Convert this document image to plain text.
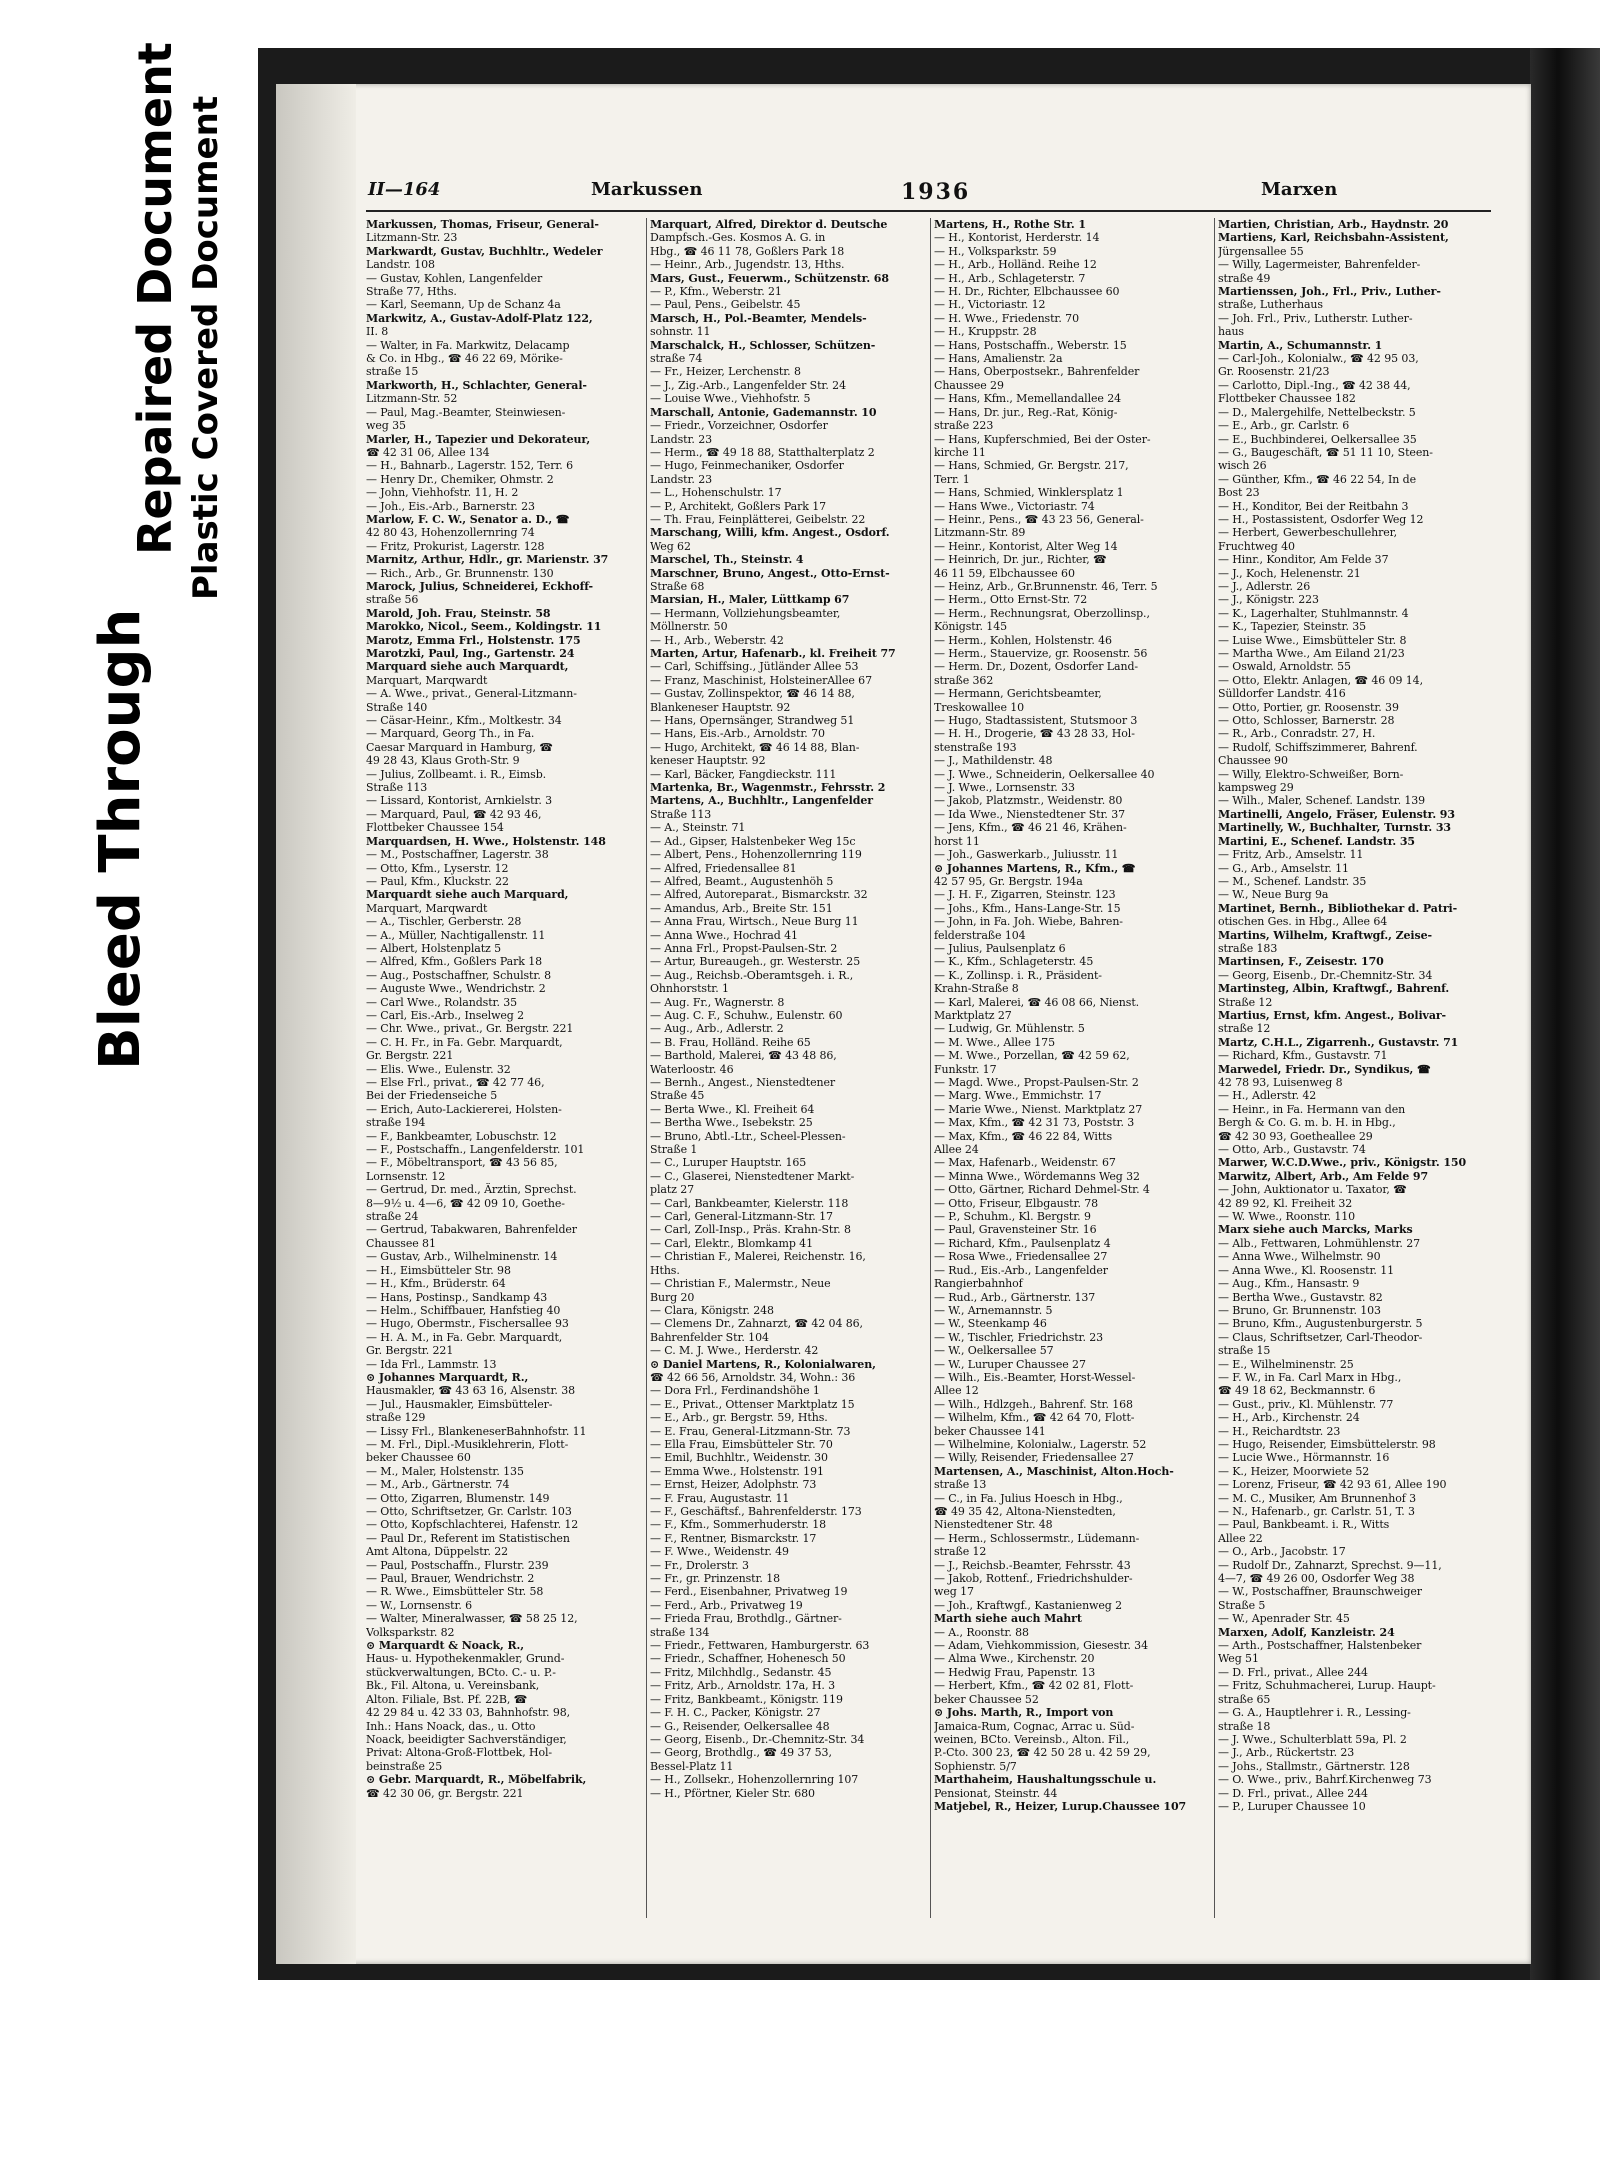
Bleed Through
Repaired Document Plastic Covered Document	II—164	Markussen	1936	Marxen

Markussen, Thomas, Friseur, General-

Litzmann-Str. 23

Markwardt, Gustav, Buchhltr., Wedeler

Landstr. 108

— Gustav, Kohlen, Langenfelder

Straße 77, Hths.

— Karl, Seemann, Up de Schanz 4a

Markwitz, A., Gustav-Adolf-Platz 122,

II. 8

— Walter, in Fa. Markwitz, Delacamp

& Co. in Hbg., ☎ 46 22 69, Mörike-

straße 15

Markworth, H., Schlachter, General-

Litzmann-Str. 52

— Paul, Mag.-Beamter, Steinwiesen-

weg 35

Marler, H., Tapezier und Dekorateur,

☎ 42 31 06, Allee 134

— H., Bahnarb., Lagerstr. 152, Terr. 6

— Henry Dr., Chemiker, Ohmstr. 2

— John, Viehhofstr. 11, H. 2

— Joh., Eis.-Arb., Barnerstr. 23

Marlow, F. C. W., Senator a. D., ☎

42 80 43, Hohenzollernring 74

— Fritz, Prokurist, Lagerstr. 128

Marnitz, Arthur, Hdlr., gr. Marienstr. 37

— Rich., Arb., Gr. Brunnenstr. 130

Marock, Julius, Schneiderei, Eckhoff-

straße 56

Marold, Joh. Frau, Steinstr. 58

Marokko, Nicol., Seem., Koldingstr. 11

Marotz, Emma Frl., Holstenstr. 175

Marotzki, Paul, Ing., Gartenstr. 24

Marquard siehe auch Marquardt,

Marquart, Marqwardt

— A. Wwe., privat., General-Litzmann-

Straße 140

— Cäsar-Heinr., Kfm., Moltkestr. 34

— Marquard, Georg Th., in Fa.

Caesar Marquard in Hamburg, ☎

49 28 43, Klaus Groth-Str. 9

— Julius, Zollbeamt. i. R., Eimsb.

Straße 113

— Lissard, Kontorist, Arnkielstr. 3

— Marquard, Paul, ☎ 42 93 46,

Flottbeker Chaussee 154

Marquardsen, H. Wwe., Holstenstr. 148

— M., Postschaffner, Lagerstr. 38

— Otto, Kfm., Lyserstr. 12

— Paul, Kfm., Kluckstr. 22

Marquardt siehe auch Marquard,

Marquart, Marqwardt

— A., Tischler, Gerberstr. 28

— A., Müller, Nachtigallenstr. 11

— Albert, Holstenplatz 5

— Alfred, Kfm., Goßlers Park 18

— Aug., Postschaffner, Schulstr. 8

— Auguste Wwe., Wendrichstr. 2

— Carl Wwe., Rolandstr. 35

— Carl, Eis.-Arb., Inselweg 2

— Chr. Wwe., privat., Gr. Bergstr. 221

— C. H. Fr., in Fa. Gebr. Marquardt,

Gr. Bergstr. 221

— Elis. Wwe., Eulenstr. 32

— Else Frl., privat., ☎ 42 77 46,

Bei der Friedenseiche 5

— Erich, Auto-Lackiererei, Holsten-

straße 194

— F., Bankbeamter, Lobuschstr. 12

— F., Postschaffn., Langenfelderstr. 101

— F., Möbeltransport, ☎ 43 56 85,

Lornsenstr. 12

— Gertrud, Dr. med., Ärztin, Sprechst.

8—9½ u. 4—6, ☎ 42 09 10, Goethe-

straße 24

— Gertrud, Tabakwaren, Bahrenfelder

Chaussee 81

— Gustav, Arb., Wilhelminenstr. 14

— H., Eimsbütteler Str. 98

— H., Kfm., Brüderstr. 64

— Hans, Postinsp., Sandkamp 43

— Helm., Schiffbauer, Hanfstieg 40

— Hugo, Obermstr., Fischersallee 93

— H. A. M., in Fa. Gebr. Marquardt,

Gr. Bergstr. 221

— Ida Frl., Lammstr. 13

⊙ Johannes Marquardt, R.,

Hausmakler, ☎ 43 63 16, Alsenstr. 38

— Jul., Hausmakler, Eimsbütteler-

straße 129

— Lissy Frl., BlankeneserBahnhofstr. 11

— M. Frl., Dipl.-Musiklehrerin, Flott-

beker Chaussee 60

— M., Maler, Holstenstr. 135

— M., Arb., Gärtnerstr. 74

— Otto, Zigarren, Blumenstr. 149

— Otto, Schriftsetzer, Gr. Carlstr. 103

— Otto, Kopfschlachterei, Hafenstr. 12

— Paul Dr., Referent im Statistischen

Amt Altona, Düppelstr. 22

— Paul, Postschaffn., Flurstr. 239

— Paul, Brauer, Wendrichstr. 2

— R. Wwe., Eimsbütteler Str. 58

— W., Lornsenstr. 6

— Walter, Mineralwasser, ☎ 58 25 12,

Volksparkstr. 82

⊙ Marquardt & Noack, R.,

Haus- u. Hypothekenmakler, Grund-

stückverwaltungen, BCto. C.- u. P.-

Bk., Fil. Altona, u. Vereinsbank,

Alton. Filiale, Bst. Pf. 22B, ☎

42 29 84 u. 42 33 03, Bahnhofstr. 98,

Inh.: Hans Noack, das., u. Otto

Noack, beeidigter Sachverständiger,

Privat: Altona-Groß-Flottbek, Hol-

beinstraße 25

⊙ Gebr. Marquardt, R., Möbelfabrik,

☎ 42 30 06, gr. Bergstr. 221

Marquart, Alfred, Direktor d. Deutsche

Dampfsch.-Ges. Kosmos A. G. in

Hbg., ☎ 46 11 78, Goßlers Park 18

— Heinr., Arb., Jugendstr. 13, Hths.

Mars, Gust., Feuerwm., Schützenstr. 68

— P., Kfm., Weberstr. 21

— Paul, Pens., Geibelstr. 45

Marsch, H., Pol.-Beamter, Mendels-

sohnstr. 11

Marschalck, H., Schlosser, Schützen-

straße 74

— Fr., Heizer, Lerchenstr. 8

— J., Zig.-Arb., Langenfelder Str. 24

— Louise Wwe., Viehhofstr. 5

Marschall, Antonie, Gademannstr. 10

— Friedr., Vorzeichner, Osdorfer

Landstr. 23

— Herm., ☎ 49 18 88, Statthalterplatz 2

— Hugo, Feinmechaniker, Osdorfer

Landstr. 23

— L., Hohenschulstr. 17

— P., Architekt, Goßlers Park 17

— Th. Frau, Feinplätterei, Geibelstr. 22

Marschang, Willi, kfm. Angest., Osdorf.

Weg 62

Marschel, Th., Steinstr. 4

Marschner, Bruno, Angest., Otto-Ernst-

Straße 68

Marsian, H., Maler, Lüttkamp 67

— Hermann, Vollziehungsbeamter,

Möllnerstr. 50

— H., Arb., Weberstr. 42

Marten, Artur, Hafenarb., kl. Freiheit 77

— Carl, Schiffsing., Jütländer Allee 53

— Franz, Maschinist, HolsteinerAllee 67

— Gustav, Zollinspektor, ☎ 46 14 88,

Blankeneser Hauptstr. 92

— Hans, Opernsänger, Strandweg 51

— Hans, Eis.-Arb., Arnoldstr. 70

— Hugo, Architekt, ☎ 46 14 88, Blan-

keneser Hauptstr. 92

— Karl, Bäcker, Fangdieckstr. 111

Martenka, Br., Wagenmstr., Fehrsstr. 2

Martens, A., Buchhltr., Langenfelder

Straße 113

— A., Steinstr. 71

— Ad., Gipser, Halstenbeker Weg 15c

— Albert, Pens., Hohenzollernring 119

— Alfred, Friedensallee 81

— Alfred, Beamt., Augustenhöh 5

— Alfred, Autoreparat., Bismarckstr. 32

— Amandus, Arb., Breite Str. 151

— Anna Frau, Wirtsch., Neue Burg 11

— Anna Wwe., Hochrad 41

— Anna Frl., Propst-Paulsen-Str. 2

— Artur, Bureaugeh., gr. Westerstr. 25

— Aug., Reichsb.-Oberamtsgeh. i. R.,

Ohnhorststr. 1

— Aug. Fr., Wagnerstr. 8

— Aug. C. F., Schuhw., Eulenstr. 60

— Aug., Arb., Adlerstr. 2

— B. Frau, Holländ. Reihe 65

— Barthold, Malerei, ☎ 43 48 86,

Waterloostr. 46

— Bernh., Angest., Nienstedtener

Straße 45

— Berta Wwe., Kl. Freiheit 64

— Bertha Wwe., Isebekstr. 25

— Bruno, Abtl.-Ltr., Scheel-Plessen-

Straße 1

— C., Luruper Hauptstr. 165

— C., Glaserei, Nienstedtener Markt-

platz 27

— Carl, Bankbeamter, Kielerstr. 118

— Carl, General-Litzmann-Str. 17

— Carl, Zoll-Insp., Präs. Krahn-Str. 8

— Carl, Elektr., Blomkamp 41

— Christian F., Malerei, Reichenstr. 16,

Hths.

— Christian F., Malermstr., Neue

Burg 20

— Clara, Königstr. 248

— Clemens Dr., Zahnarzt, ☎ 42 04 86,

Bahrenfelder Str. 104

— C. M. J. Wwe., Herderstr. 42

⊙ Daniel Martens, R., Kolonialwaren,

☎ 42 66 56, Arnoldstr. 34, Wohn.: 36

— Dora Frl., Ferdinandshöhe 1

— E., Privat., Ottenser Marktplatz 15

— E., Arb., gr. Bergstr. 59, Hths.

— E. Frau, General-Litzmann-Str. 73

— Ella Frau, Eimsbütteler Str. 70

— Emil, Buchhltr., Weidenstr. 30

— Emma Wwe., Holstenstr. 191

— Ernst, Heizer, Adolphstr. 73

— F. Frau, Augustastr. 11

— F., Geschäftsf., Bahrenfelderstr. 173

— F., Kfm., Sommerhuderstr. 18

— F., Rentner, Bismarckstr. 17

— F. Wwe., Weidenstr. 49

— Fr., Drolerstr. 3

— Fr., gr. Prinzenstr. 18

— Ferd., Eisenbahner, Privatweg 19

— Ferd., Arb., Privatweg 19

— Frieda Frau, Brothdlg., Gärtner-

straße 134

— Friedr., Fettwaren, Hamburgerstr. 63

— Friedr., Schaffner, Hohenesch 50

— Fritz, Milchhdlg., Sedanstr. 45

— Fritz, Arb., Arnoldstr. 17a, H. 3

— Fritz, Bankbeamt., Königstr. 119

— F. H. C., Packer, Königstr. 27

— G., Reisender, Oelkersallee 48

— Georg, Eisenb., Dr.-Chemnitz-Str. 34

— Georg, Brothdlg., ☎ 49 37 53,

Bessel-Platz 11

— H., Zollsekr., Hohenzollernring 107

— H., Pförtner, Kieler Str. 680

Martens, H., Rothe Str. 1

— H., Kontorist, Herderstr. 14

— H., Volksparkstr. 59

— H., Arb., Holländ. Reihe 12

— H., Arb., Schlageterstr. 7

— H. Dr., Richter, Elbchaussee 60

— H., Victoriastr. 12

— H. Wwe., Friedenstr. 70

— H., Kruppstr. 28

— Hans, Postschaffn., Weberstr. 15

— Hans, Amalienstr. 2a

— Hans, Oberpostsekr., Bahrenfelder

Chaussee 29

— Hans, Kfm., Memellandallee 24

— Hans, Dr. jur., Reg.-Rat, König-

straße 223

— Hans, Kupferschmied, Bei der Oster-

kirche 11

— Hans, Schmied, Gr. Bergstr. 217,

Terr. 1

— Hans, Schmied, Winklersplatz 1

— Hans Wwe., Victoriastr. 74

— Heinr., Pens., ☎ 43 23 56, General-

Litzmann-Str. 89

— Heinr., Kontorist, Alter Weg 14

— Heinrich, Dr. jur., Richter, ☎

46 11 59, Elbchaussee 60

— Heinz, Arb., Gr.Brunnenstr. 46, Terr. 5

— Herm., Otto Ernst-Str. 72

— Herm., Rechnungsrat, Oberzollinsp.,

Königstr. 145

— Herm., Kohlen, Holstenstr. 46

— Herm., Stauervize, gr. Roosenstr. 56

— Herm. Dr., Dozent, Osdorfer Land-

straße 362

— Hermann, Gerichtsbeamter,

Treskowallee 10

— Hugo, Stadtassistent, Stutsmoor 3

— H. H., Drogerie, ☎ 43 28 33, Hol-

stenstraße 193

— J., Mathildenstr. 48

— J. Wwe., Schneiderin, Oelkersallee 40

— J. Wwe., Lornsenstr. 33

— Jakob, Platzmstr., Weidenstr. 80

— Ida Wwe., Nienstedtener Str. 37

— Jens, Kfm., ☎ 46 21 46, Krähen-

horst 11

— Joh., Gaswerkarb., Juliusstr. 11

⊙ Johannes Martens, R., Kfm., ☎

42 57 95, Gr. Bergstr. 194a

— J. H. F., Zigarren, Steinstr. 123

— Johs., Kfm., Hans-Lange-Str. 15

— John, in Fa. Joh. Wiebe, Bahren-

felderstraße 104

— Julius, Paulsenplatz 6

— K., Kfm., Schlageterstr. 45

— K., Zollinsp. i. R., Präsident-

Krahn-Straße 8

— Karl, Malerei, ☎ 46 08 66, Nienst.

Marktplatz 27

— Ludwig, Gr. Mühlenstr. 5

— M. Wwe., Allee 175

— M. Wwe., Porzellan, ☎ 42 59 62,

Funkstr. 17

— Magd. Wwe., Propst-Paulsen-Str. 2

— Marg. Wwe., Emmichstr. 17

— Marie Wwe., Nienst. Marktplatz 27

— Max, Kfm., ☎ 42 31 73, Poststr. 3

— Max, Kfm., ☎ 46 22 84, Witts

Allee 24

— Max, Hafenarb., Weidenstr. 67

— Minna Wwe., Wördemanns Weg 32

— Otto, Gärtner, Richard Dehmel-Str. 4

— Otto, Friseur, Elbgaustr. 78

— P., Schuhm., Kl. Bergstr. 9

— Paul, Gravensteiner Str. 16

— Richard, Kfm., Paulsenplatz 4

— Rosa Wwe., Friedensallee 27

— Rud., Eis.-Arb., Langenfelder

Rangierbahnhof

— Rud., Arb., Gärtnerstr. 137

— W., Arnemannstr. 5

— W., Steenkamp 46

— W., Tischler, Friedrichstr. 23

— W., Oelkersallee 57

— W., Luruper Chaussee 27

— Wilh., Eis.-Beamter, Horst-Wessel-

Allee 12

— Wilh., Hdlzgeh., Bahrenf. Str. 168

— Wilhelm, Kfm., ☎ 42 64 70, Flott-

beker Chaussee 141

— Wilhelmine, Kolonialw., Lagerstr. 52

— Willy, Reisender, Friedensallee 27

Martensen, A., Maschinist, Alton.Hoch-

straße 13

— C., in Fa. Julius Hoesch in Hbg.,

☎ 49 35 42, Altona-Nienstedten,

Nienstedtener Str. 48

— Herm., Schlossermstr., Lüdemann-

straße 12

— J., Reichsb.-Beamter, Fehrsstr. 43

— Jakob, Rottenf., Friedrichshulder-

weg 17

— Joh., Kraftwgf., Kastanienweg 2

Marth siehe auch Mahrt

— A., Roonstr. 88

— Adam, Viehkommission, Giesestr. 34

— Alma Wwe., Kirchenstr. 20

— Hedwig Frau, Papenstr. 13

— Herbert, Kfm., ☎ 42 02 81, Flott-

beker Chaussee 52

⊙ Johs. Marth, R., Import von

Jamaica-Rum, Cognac, Arrac u. Süd-

weinen, BCto. Vereinsb., Alton. Fil.,

P.-Cto. 300 23, ☎ 42 50 28 u. 42 59 29,

Sophienstr. 5/7

Marthaheim, Haushaltungsschule u.

Pensionat, Steinstr. 44

Matjebel, R., Heizer, Lurup.Chaussee 107

Martien, Christian, Arb., Haydnstr. 20

Martiens, Karl, Reichsbahn-Assistent,

Jürgensallee 55

— Willy, Lagermeister, Bahrenfelder-

straße 49

Martienssen, Joh., Frl., Priv., Luther-

straße, Lutherhaus

— Joh. Frl., Priv., Lutherstr. Luther-

haus

Martin, A., Schumannstr. 1

— Carl-Joh., Kolonialw., ☎ 42 95 03,

Gr. Roosenstr. 21/23

— Carlotto, Dipl.-Ing., ☎ 42 38 44,

Flottbeker Chaussee 182

— D., Malergehilfe, Nettelbeckstr. 5

— E., Arb., gr. Carlstr. 6

— E., Buchbinderei, Oelkersallee 35

— G., Baugeschäft, ☎ 51 11 10, Steen-

wisch 26

— Günther, Kfm., ☎ 46 22 54, In de

Bost 23

— H., Konditor, Bei der Reitbahn 3

— H., Postassistent, Osdorfer Weg 12

— Herbert, Gewerbeschullehrer,

Fruchtweg 40

— Hinr., Konditor, Am Felde 37

— J., Koch, Helenenstr. 21

— J., Adlerstr. 26

— J., Königstr. 223

— K., Lagerhalter, Stuhlmannstr. 4

— K., Tapezier, Steinstr. 35

— Luise Wwe., Eimsbütteler Str. 8

— Martha Wwe., Am Eiland 21/23

— Oswald, Arnoldstr. 55

— Otto, Elektr. Anlagen, ☎ 46 09 14,

Sülldorfer Landstr. 416

— Otto, Portier, gr. Roosenstr. 39

— Otto, Schlosser, Barnerstr. 28

— R., Arb., Conradstr. 27, H.

— Rudolf, Schiffszimmerer, Bahrenf.

Chaussee 90

— Willy, Elektro-Schweißer, Born-

kampsweg 29

— Wilh., Maler, Schenef. Landstr. 139

Martinelli, Angelo, Fräser, Eulenstr. 93

Martinelly, W., Buchhalter, Turnstr. 33

Martini, E., Schenef. Landstr. 35

— Fritz, Arb., Amselstr. 11

— G., Arb., Amselstr. 11

— M., Schenef. Landstr. 35

— W., Neue Burg 9a

Martinet, Bernh., Bibliothekar d. Patri-

otischen Ges. in Hbg., Allee 64

Martins, Wilhelm, Kraftwgf., Zeise-

straße 183

Martinsen, F., Zeisestr. 170

— Georg, Eisenb., Dr.-Chemnitz-Str. 34

Martinsteg, Albin, Kraftwgf., Bahrenf.

Straße 12

Martius, Ernst, kfm. Angest., Bolivar-

straße 12

Martz, C.H.L., Zigarrenh., Gustavstr. 71

— Richard, Kfm., Gustavstr. 71

Marwedel, Friedr. Dr., Syndikus, ☎

42 78 93, Luisenweg 8

— H., Adlerstr. 42

— Heinr., in Fa. Hermann van den

Bergh & Co. G. m. b. H. in Hbg.,

☎ 42 30 93, Goetheallee 29

— Otto, Arb., Gustavstr. 74

Marwer, W.C.D.Wwe., priv., Königstr. 150

Marwitz, Albert, Arb., Am Felde 97

— John, Auktionator u. Taxator, ☎

42 89 92, Kl. Freiheit 32

— W. Wwe., Roonstr. 110

Marx siehe auch Marcks, Marks

— Alb., Fettwaren, Lohmühlenstr. 27

— Anna Wwe., Wilhelmstr. 90

— Anna Wwe., Kl. Roosenstr. 11

— Aug., Kfm., Hansastr. 9

— Bertha Wwe., Gustavstr. 82

— Bruno, Gr. Brunnenstr. 103

— Bruno, Kfm., Augustenburgerstr. 5

— Claus, Schriftsetzer, Carl-Theodor-

straße 15

— E., Wilhelminenstr. 25

— F. W., in Fa. Carl Marx in Hbg.,

☎ 49 18 62, Beckmannstr. 6

— Gust., priv., Kl. Mühlenstr. 77

— H., Arb., Kirchenstr. 24

— H., Reichardtstr. 23

— Hugo, Reisender, Eimsbüttelerstr. 98

— Lucie Wwe., Hörmannstr. 16

— K., Heizer, Moorwiete 52

— Lorenz, Friseur, ☎ 42 93 61, Allee 190

— M. C., Musiker, Am Brunnenhof 3

— N., Hafenarb., gr. Carlstr. 51, T. 3

— Paul, Bankbeamt. i. R., Witts

Allee 22

— O., Arb., Jacobstr. 17

— Rudolf Dr., Zahnarzt, Sprechst. 9—11,

4—7, ☎ 49 26 00, Osdorfer Weg 38

— W., Postschaffner, Braunschweiger

Straße 5

— W., Apenrader Str. 45

Marxen, Adolf, Kanzleistr. 24

— Arth., Postschaffner, Halstenbeker

Weg 51

— D. Frl., privat., Allee 244

— Fritz, Schuhmacherei, Lurup. Haupt-

straße 65

— G. A., Hauptlehrer i. R., Lessing-

straße 18

— J. Wwe., Schulterblatt 59a, Pl. 2

— J., Arb., Rückertstr. 23

— Johs., Stallmstr., Gärtnerstr. 128

— O. Wwe., priv., Bahrf.Kirchenweg 73

— D. Frl., privat., Allee 244

— P., Luruper Chaussee 10
